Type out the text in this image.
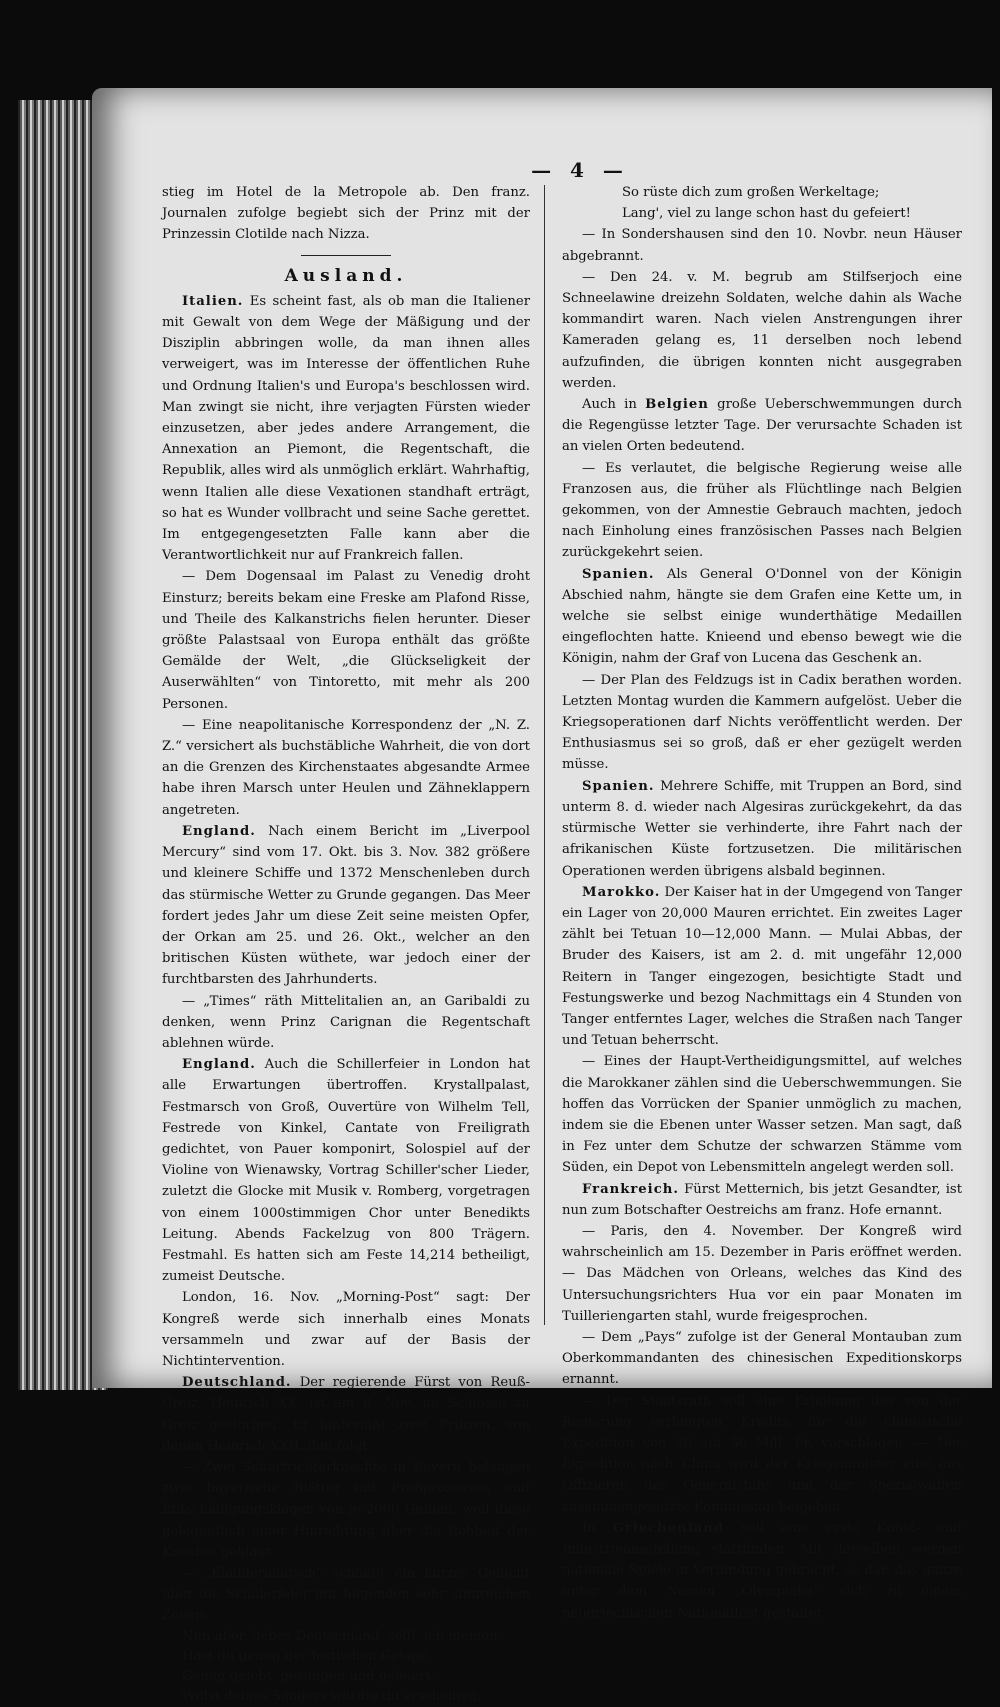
— 4 —

stieg im Hotel de la Metropole ab. Den franz. Journalen zufolge begiebt sich der Prinz mit der Prinzessin Clotilde nach Nizza.

Ausland.

Italien. Es scheint fast, als ob man die Italiener mit Gewalt von dem Wege der Mäßigung und der Disziplin abbringen wolle, da man ihnen alles verweigert, was im Interesse der öffentlichen Ruhe und Ordnung Italien's und Europa's beschlossen wird. Man zwingt sie nicht, ihre verjagten Fürsten wieder einzusetzen, aber jedes andere Arrangement, die Annexation an Piemont, die Regentschaft, die Republik, alles wird als unmöglich erklärt. Wahrhaftig, wenn Italien alle diese Vexationen standhaft erträgt, so hat es Wunder vollbracht und seine Sache gerettet. Im entgegengesetzten Falle kann aber die Verantwortlichkeit nur auf Frankreich fallen.

— Dem Dogensaal im Palast zu Venedig droht Einsturz; bereits bekam eine Freske am Plafond Risse, und Theile des Kalkanstrichs fielen herunter. Dieser größte Palastsaal von Europa enthält das größte Gemälde der Welt, „die Glückseligkeit der Auserwählten“ von Tintoretto, mit mehr als 200 Personen.

— Eine neapolitanische Korrespondenz der „N. Z. Z.“ versichert als buchstäbliche Wahrheit, die von dort an die Grenzen des Kirchenstaates abgesandte Armee habe ihren Marsch unter Heulen und Zähneklappern angetreten.

England. Nach einem Bericht im „Liverpool Mercury“ sind vom 17. Okt. bis 3. Nov. 382 größere und kleinere Schiffe und 1372 Menschenleben durch das stürmische Wetter zu Grunde gegangen. Das Meer fordert jedes Jahr um diese Zeit seine meisten Opfer, der Orkan am 25. und 26. Okt., welcher an den britischen Küsten wüthete, war jedoch einer der furchtbarsten des Jahrhunderts.

— „Times“ räth Mittelitalien an, an Garibaldi zu denken, wenn Prinz Carignan die Regentschaft ablehnen würde.

England. Auch die Schillerfeier in London hat alle Erwartungen übertroffen. Krystallpalast, Festmarsch von Groß, Ouvertüre von Wilhelm Tell, Festrede von Kinkel, Cantate von Freiligrath gedichtet, von Pauer komponirt, Solospiel auf der Violine von Wienawsky, Vortrag Schiller'scher Lieder, zuletzt die Glocke mit Musik v. Romberg, vorgetragen von einem 1000stimmigen Chor unter Benedikts Leitung. Abends Fackelzug von 800 Trägern. Festmahl. Es hatten sich am Feste 14,214 betheiligt, zumeist Deutsche.

London, 16. Nov. „Morning-Post“ sagt: Der Kongreß werde sich innerhalb eines Monats versammeln und zwar auf der Basis der Nichtintervention.

Deutschland. Der regierende Fürst von Reuß-Greiz, Heinrich XX. ist am 8. Nov. im Schlosse zu Greiz gestorben. Er hinterläßt zwei Prinzen, von denen Heinrich XXII. ihm folgt.

— Zwei Scharfrichterknechte in Bayern belangen zwei bayerische Blätter mit Preßprozessen und Entschädigungsklagen von je 2000 Gulden, weil diese gelegentlich einer Hinrichtung über die Rohheit der Knechte geklagt.

— „Kladderadatsch“ schließt ein kurzes Gedicht über die Schillerfeier mit folgenden sehr sinnreichen Zeilen:

Nun aber, liebes Deutschland, sollt' ich meinen,
Hast du genug der festlichen Gelage,
Genug gelebt, gesungen und geleiert.
Willst deines Sängers würdig du erscheinen,
So rüste dich zum großen Werkeltage;
Lang', viel zu lange schon hast du gefeiert!

— In Sondershausen sind den 10. Novbr. neun Häuser abgebrannt.

— Den 24. v. M. begrub am Stilfserjoch eine Schneelawine dreizehn Soldaten, welche dahin als Wache kommandirt waren. Nach vielen Anstrengungen ihrer Kameraden gelang es, 11 derselben noch lebend aufzufinden, die übrigen konnten nicht ausgegraben werden.

Auch in Belgien große Ueberschwemmungen durch die Regengüsse letzter Tage. Der verursachte Schaden ist an vielen Orten bedeutend.

— Es verlautet, die belgische Regierung weise alle Franzosen aus, die früher als Flüchtlinge nach Belgien gekommen, von der Amnestie Gebrauch machten, jedoch nach Einholung eines französischen Passes nach Belgien zurückgekehrt seien.

Spanien. Als General O'Donnel von der Königin Abschied nahm, hängte sie dem Grafen eine Kette um, in welche sie selbst einige wunderthätige Medaillen eingeflochten hatte. Knieend und ebenso bewegt wie die Königin, nahm der Graf von Lucena das Geschenk an.

— Der Plan des Feldzugs ist in Cadix berathen worden. Letzten Montag wurden die Kammern aufgelöst. Ueber die Kriegsoperationen darf Nichts veröffentlicht werden. Der Enthusiasmus sei so groß, daß er eher gezügelt werden müsse.

Spanien. Mehrere Schiffe, mit Truppen an Bord, sind unterm 8. d. wieder nach Algesiras zurückgekehrt, da das stürmische Wetter sie verhinderte, ihre Fahrt nach der afrikanischen Küste fortzusetzen. Die militärischen Operationen werden übrigens alsbald beginnen.

Marokko. Der Kaiser hat in der Umgegend von Tanger ein Lager von 20,000 Mauren errichtet. Ein zweites Lager zählt bei Tetuan 10—12,000 Mann. — Mulai Abbas, der Bruder des Kaisers, ist am 2. d. mit ungefähr 12,000 Reitern in Tanger eingezogen, besichtigte Stadt und Festungswerke und bezog Nachmittags ein 4 Stunden von Tanger entferntes Lager, welches die Straßen nach Tanger und Tetuan beherrscht.

— Eines der Haupt-Vertheidigungsmittel, auf welches die Marokkaner zählen sind die Ueberschwemmungen. Sie hoffen das Vorrücken der Spanier unmöglich zu machen, indem sie die Ebenen unter Wasser setzen. Man sagt, daß in Fez unter dem Schutze der schwarzen Stämme vom Süden, ein Depot von Lebensmitteln angelegt werden soll.

Frankreich. Fürst Metternich, bis jetzt Gesandter, ist nun zum Botschafter Oestreichs am franz. Hofe ernannt.

— Paris, den 4. November. Der Kongreß wird wahrscheinlich am 15. Dezember in Paris eröffnet werden. — Das Mädchen von Orleans, welches das Kind des Untersuchungsrichters Hua vor ein paar Monaten im Tuilleriengarten stahl, wurde freigesprochen.

— Dem „Pays“ zufolge ist der General Montauban zum Oberkommandanten des chinesischen Expeditionskorps ernannt.

— Der Staatsrath soll eine Erhöhung des von der Regierung verlangten Kredits für die chinesische Expedition von 30 auf 50 Mill. Fr. vorschlagen. — Der Expedition nach China wird der Kriegsminister eine aus Offizieren des Generalstabs und der Spezialwaffen zusammengesetzte Kommission beigeben.

In Griechenland soll eine erste Kunst- und Industrieausstellung stattfinden. Mit derselben werden nationale Spiele in Verbindung gebracht, so daß das ganze unter dem Namen „Olympiaka“ sich zu einem neugriechischen Nationalfest gestaltet.
